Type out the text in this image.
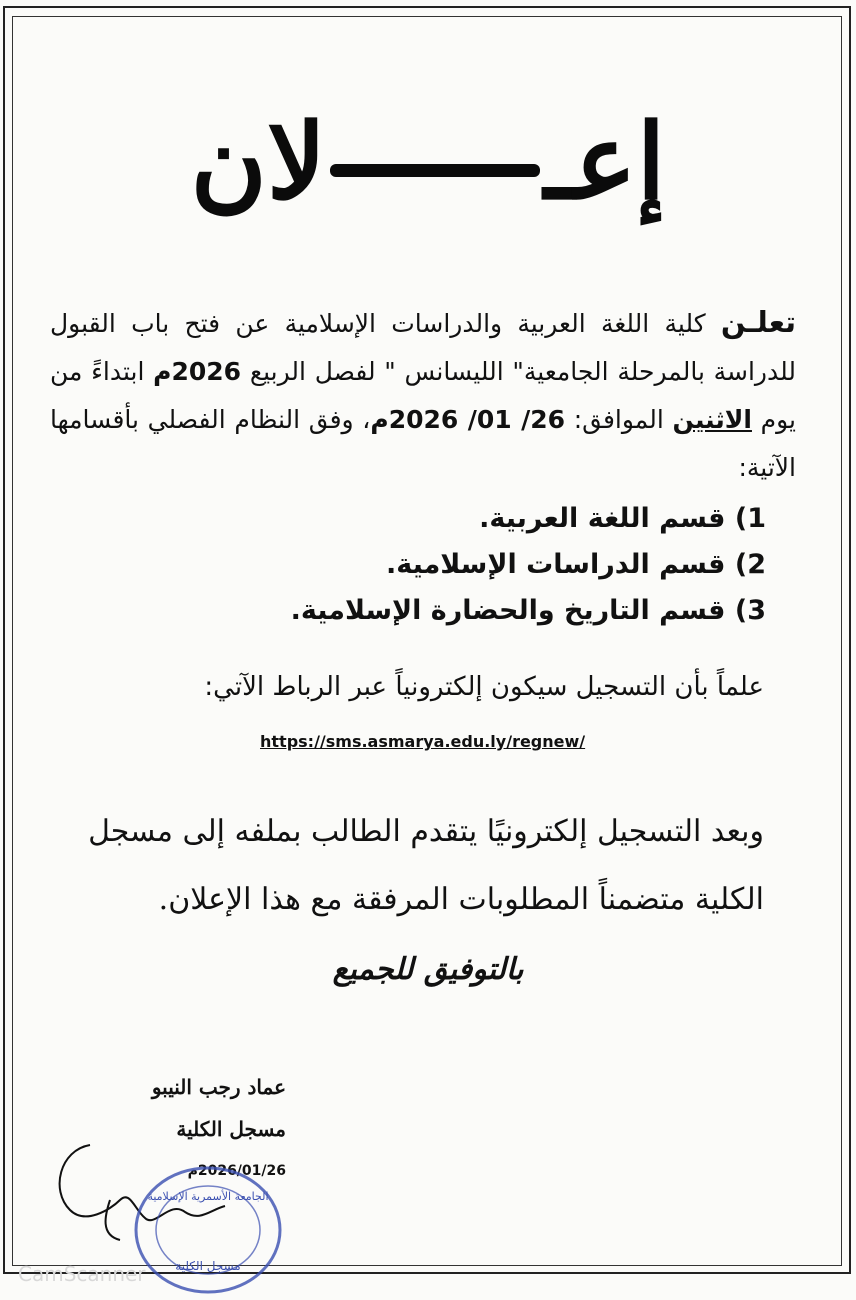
إعـلان
تعلـن كلية اللغة العربية والدراسات الإسلامية عن فتح باب القبول للدراسة بالمرحلة الجامعية" الليسانس " لفصل الربيع 2026م ابتداءً من يوم الاثنين الموافق: 26/ 01/ 2026م، وفق النظام الفصلي بأقسامها الآتية:
1) قسم اللغة العربية.
2) قسم الدراسات الإسلامية.
3) قسم التاريخ والحضارة الإسلامية.
علماً بأن التسجيل سيكون إلكترونياً عبر الرباط الآتي:
https://sms.asmarya.edu.ly/regnew/
وبعد التسجيل إلكترونيًا يتقدم الطالب بملفه إلى مسجل
الكلية متضمناً المطلوبات المرفقة مع هذا الإعلان.
بالتوفيق للجميع
عماد رجب النيبو
مسجل الكلية
2026/01/26م
الجامعة الأسمرية الإسلامية
مسجل الكلية
CamScanner
